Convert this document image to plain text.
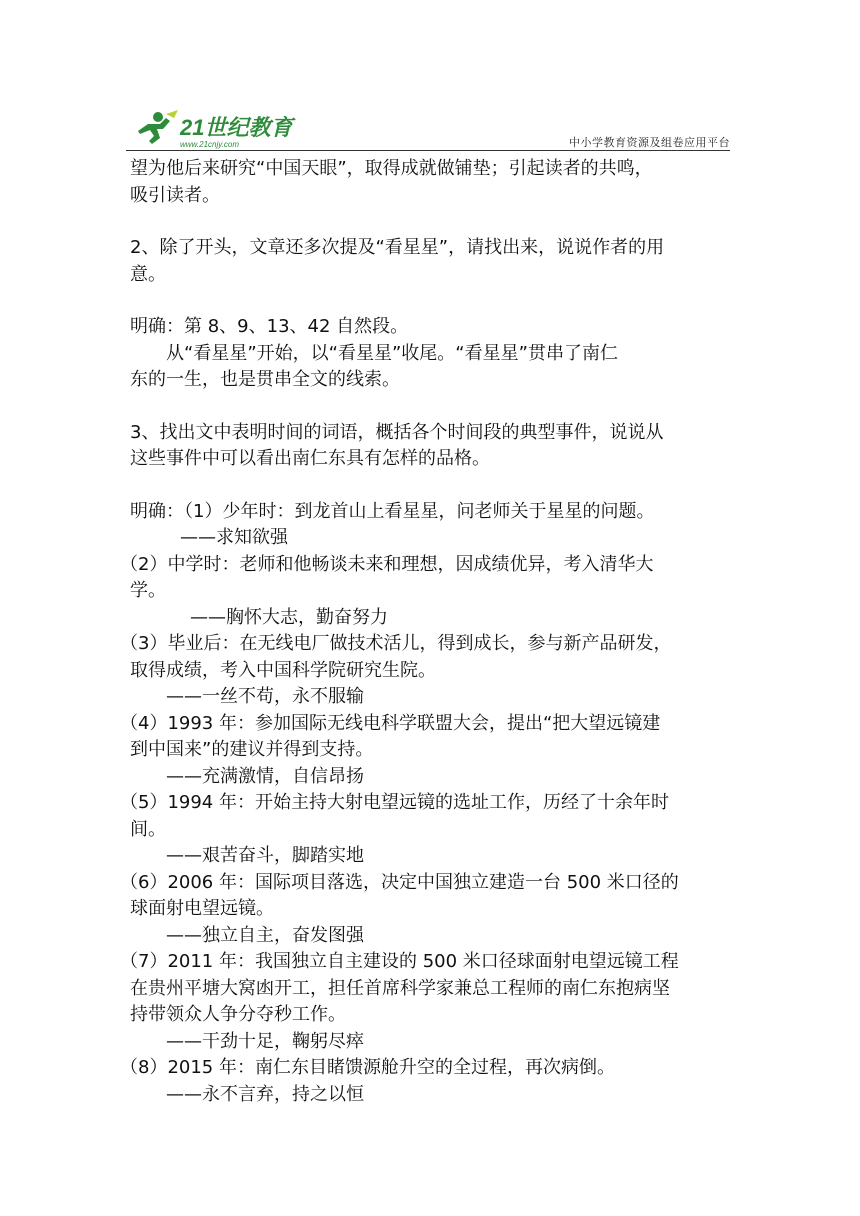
21世纪教育
www.21cnjy.com	中小学教育资源及组卷应用平台

望为他后来研究“中国天眼”，取得成就做铺垫；引起读者的共鸣，

吸引读者。

2、除了开头，文章还多次提及“看星星”，请找出来，说说作者的用

意。

明确：第 8、9、13、42 自然段。

从“看星星”开始，以“看星星”收尾。“看星星”贯串了南仁

东的一生，也是贯串全文的线索。

3、找出文中表明时间的词语，概括各个时间段的典型事件，说说从

这些事件中可以看出南仁东具有怎样的品格。

明确：（1）少年时：到龙首山上看星星，问老师关于星星的问题。

——求知欲强

（2）中学时：老师和他畅谈未来和理想，因成绩优异，考入清华大

学。

——胸怀大志，勤奋努力

（3）毕业后：在无线电厂做技术活儿，得到成长，参与新产品研发，

取得成绩，考入中国科学院研究生院。

——一丝不苟，永不服输

（4）1993 年：参加国际无线电科学联盟大会，提出“把大望远镜建

到中国来”的建议并得到支持。

——充满激情，自信昂扬

（5）1994 年：开始主持大射电望远镜的选址工作，历经了十余年时

间。

——艰苦奋斗，脚踏实地

（6）2006 年：国际项目落选，决定中国独立建造一台 500 米口径的

球面射电望远镜。

——独立自主，奋发图强

（7）2011 年：我国独立自主建设的 500 米口径球面射电望远镜工程

在贵州平塘大窝凼开工，担任首席科学家兼总工程师的南仁东抱病坚

持带领众人争分夺秒工作。

——干劲十足，鞠躬尽瘁

（8）2015 年：南仁东目睹馈源舱升空的全过程，再次病倒。

——永不言弃，持之以恒
